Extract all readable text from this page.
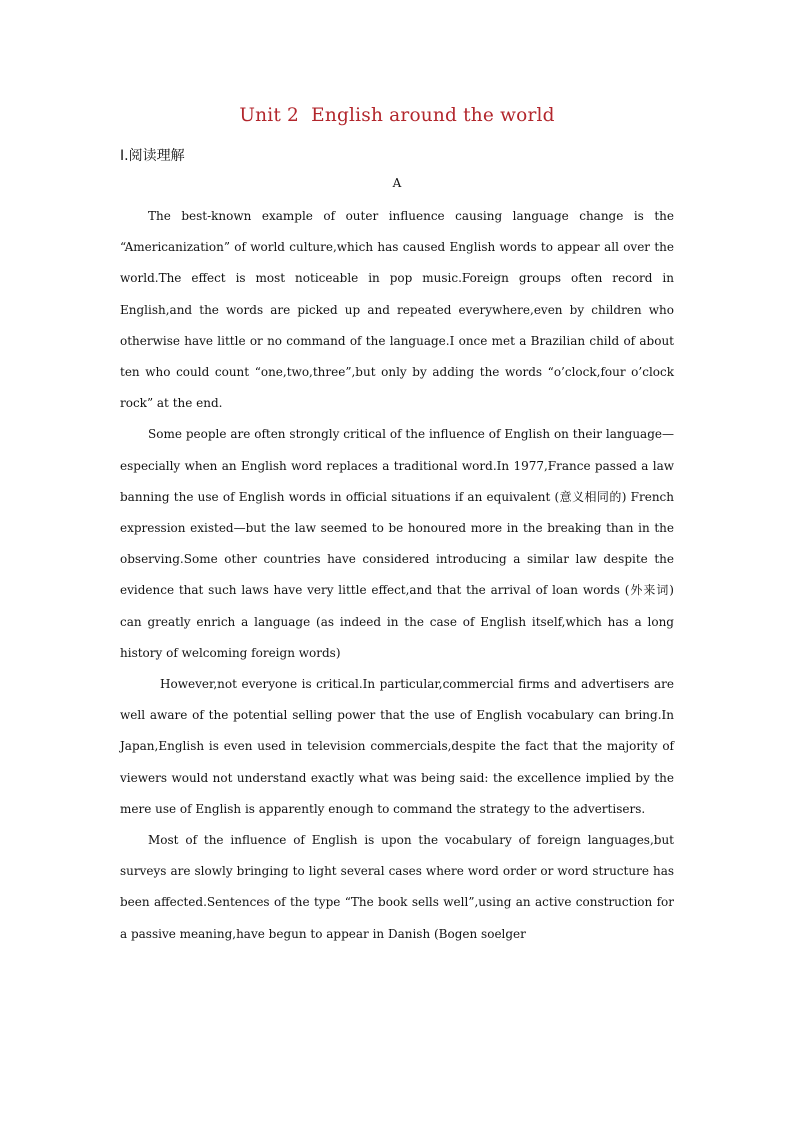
Unit 2  English around the world
Ⅰ.阅读理解
A

The best-known example of outer influence causing language change is the “Americanization” of world culture,which has caused English words to appear all over the world.The effect is most noticeable in pop music.Foreign groups often record in English,and the words are picked up and repeated everywhere,even by children who otherwise have little or no command of the language.I once met a Brazilian child of about ten who could count “one,two,three”,but only by adding the words “o’clock,four o’clock rock” at the end.

Some people are often strongly critical of the influence of English on their language—especially when an English word replaces a traditional word.In 1977,France passed a law banning the use of English words in official situations if an equivalent (意义相同的) French expression existed—but the law seemed to be honoured more in the breaking than in the observing.Some other countries have considered introducing a similar law despite the evidence that such laws have very little effect,and that the arrival of loan words (外来词) can greatly enrich a language (as indeed in the case of English itself,which has a long history of welcoming foreign words)

However,not everyone is critical.In particular,commercial firms and advertisers are well aware of the potential selling power that the use of English vocabulary can bring.In Japan,English is even used in television commercials,despite the fact that the majority of viewers would not understand exactly what was being said: the excellence implied by the mere use of English is apparently enough to command the strategy to the advertisers.

Most of the influence of English is upon the vocabulary of foreign languages,but surveys are slowly bringing to light several cases where word order or word structure has been affected.Sentences of the type “The book sells well”,using an active construction for a passive meaning,have begun to appear in Danish (Bogen soelger
